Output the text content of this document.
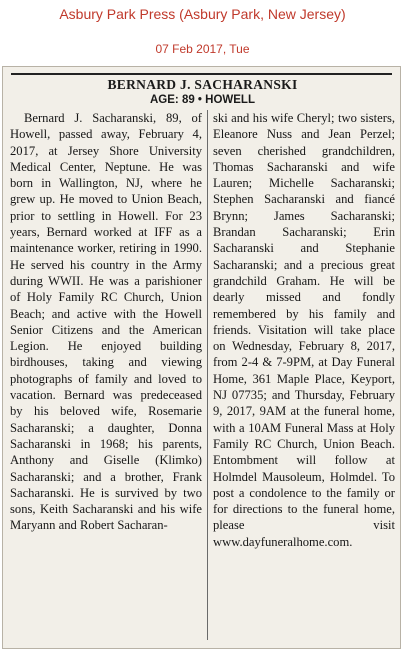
Asbury Park Press (Asbury Park, New Jersey)
07 Feb 2017, Tue
BERNARD J. SACHARANSKI
AGE: 89 • HOWELL
Bernard J. Sacharanski, 89, of Howell, passed away, February 4, 2017, at Jersey Shore University Medical Center, Neptune. He was born in Wallington, NJ, where he grew up. He moved to Union Beach, prior to settling in Howell. For 23 years, Bernard worked at IFF as a maintenance worker, retiring in 1990. He served his country in the Army during WWII. He was a parishioner of Holy Family RC Church, Union Beach; and active with the Howell Senior Citizens and the American Legion. He enjoyed building birdhouses, taking and viewing photographs of family and loved to vacation. Bernard was predeceased by his beloved wife, Rosemarie Sacharanski; a daughter, Donna Sacharanski in 1968; his parents, Anthony and Giselle (Klimko) Sacharanski; and a brother, Frank Sacharanski. He is survived by two sons, Keith Sacharanski and his wife Maryann and Robert Sacharan-
ski and his wife Cheryl; two sisters, Eleanore Nuss and Jean Perzel; seven cherished grandchildren, Thomas Sacharanski and wife Lauren; Michelle Sacharanski; Stephen Sacharanski and fiancé Brynn; James Sacharanski; Brandan Sacharanski; Erin Sacharanski and Stephanie Sacharanski; and a precious great grandchild Graham. He will be dearly missed and fondly remembered by his family and friends. Visitation will take place on Wednesday, February 8, 2017, from 2-4 & 7-9PM, at Day Funeral Home, 361 Maple Place, Keyport, NJ 07735; and Thursday, February 9, 2017, 9AM at the funeral home, with a 10AM Funeral Mass at Holy Family RC Church, Union Beach. Entombment will follow at Holmdel Mausoleum, Holmdel. To post a condolence to the family or for directions to the funeral home, please visit www.dayfuneralhome.com.
